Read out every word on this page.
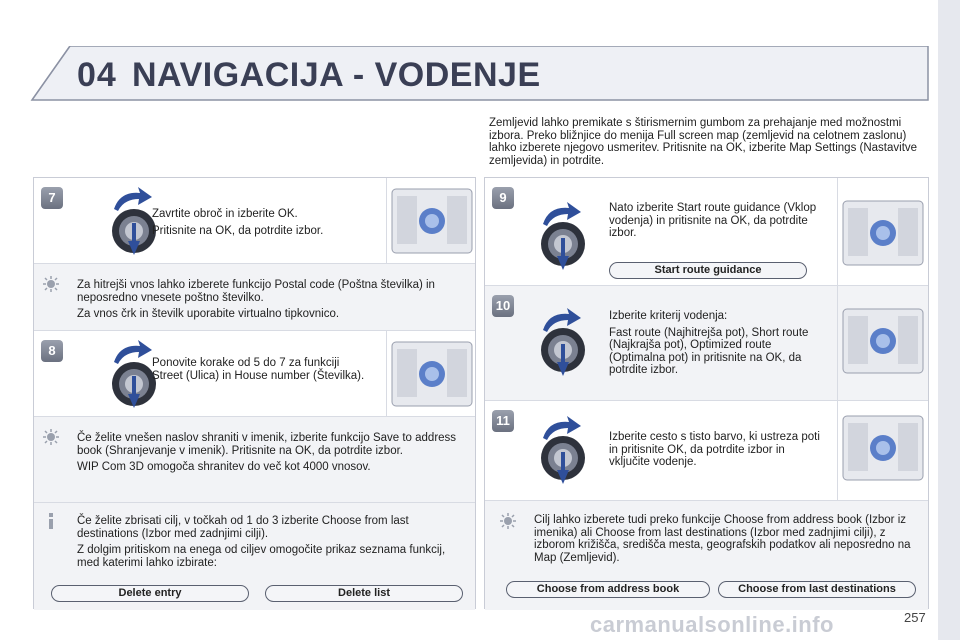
04 NAVIGACIJA - VODENJE
Zemljevid lahko premikate s štirismernim gumbom za prehajanje med možnostmi izbora. Preko bližnjice do menija Full screen map (zemljevid na celotnem zaslonu) lahko izberete njegovo usmeritev. Pritisnite na OK, izberite Map Settings (Nastavitve zemljevida) in potrdite.
7

Zavrtite obroč in izberite OK.

Pritisnite na OK, da potrdite izbor.

Za hitrejši vnos lahko izberete funkcijo Postal code (Poštna številka) in neposredno vnesete poštno številko.

Za vnos črk in številk uporabite virtualno tipkovnico.

8
Ponovite korake od 5 do 7 za funkciji Street (Ulica) in House number (Številka).

Če želite vnešen naslov shraniti v imenik, izberite funkcijo Save to address book (Shranjevanje v imenik). Pritisnite na OK, da potrdite izbor.

WIP Com 3D omogoča shranitev do več kot 4000 vnosov.

Če želite zbrisati cilj, v točkah od 1 do 3 izberite Choose from last destinations (Izbor med zadnjimi cilji).

Z dolgim pritiskom na enega od ciljev omogočite prikaz seznama funkcij, med katerimi lahko izbirate:

Delete entry	Delete list
9
Nato izberite Start route guidance (Vklop vodenja) in pritisnite na OK, da potrdite izbor.
Start route guidance
10

Izberite kriterij vodenja:

Fast route (Najhitrejša pot), Short route (Najkrajša pot), Optimized route (Optimalna pot) in pritisnite na OK, da potrdite izbor.

11
Izberite cesto s tisto barvo, ki ustreza poti in pritisnite OK, da potrdite izbor in vključite vodenje.
Cilj lahko izberete tudi preko funkcije Choose from address book (Izbor iz imenika) ali Choose from last destinations (Izbor med zadnjimi cilji), z izborom križišča, središča mesta, geografskih podatkov ali neposredno na Map (Zemljevid).
Choose from address book	Choose from last destinations
carmanualsonline.info	257
